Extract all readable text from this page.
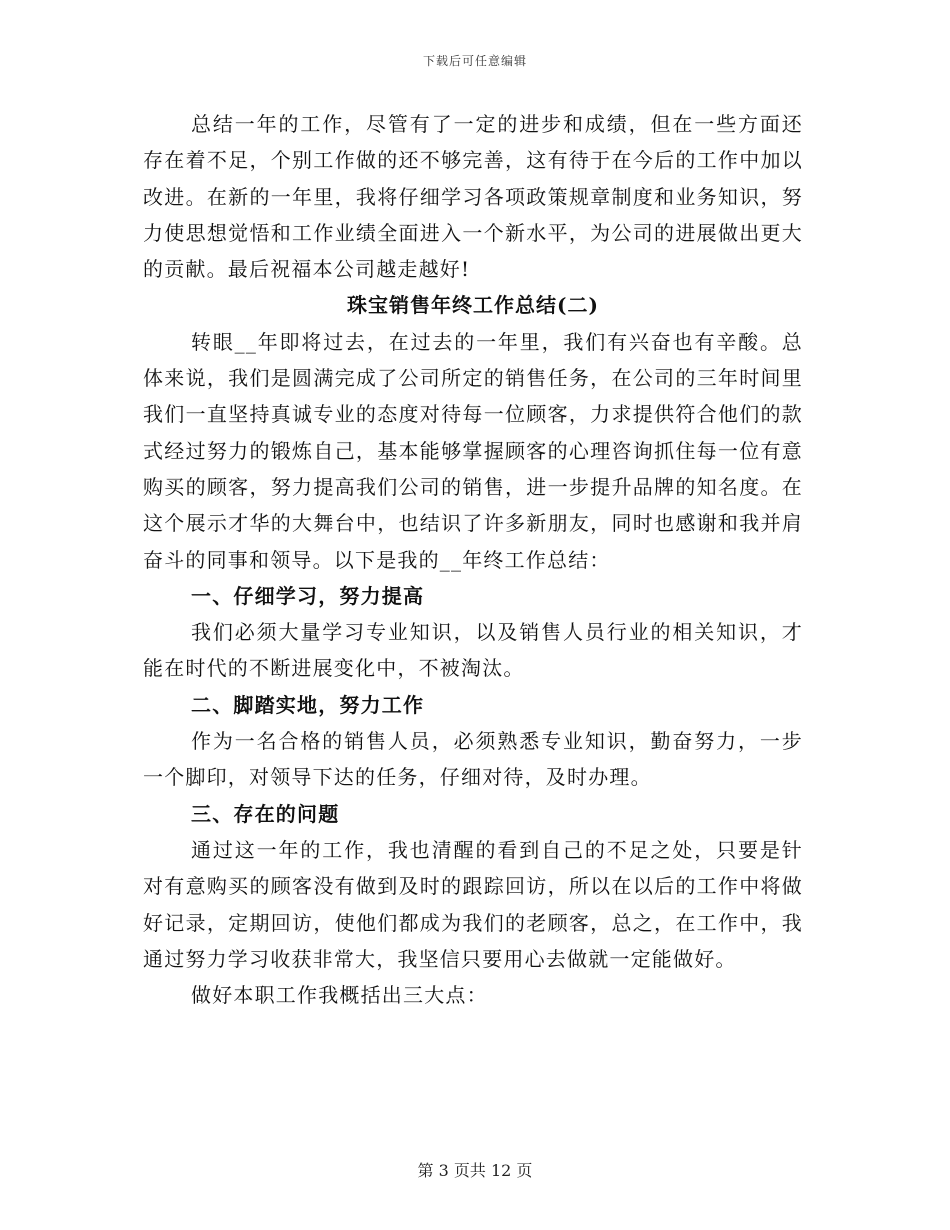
下载后可任意编辑

总结一年的工作，尽管有了一定的进步和成绩，但在一些方面还存在着不足，个别工作做的还不够完善，这有待于在今后的工作中加以改进。在新的一年里，我将仔细学习各项政策规章制度和业务知识，努力使思想觉悟和工作业绩全面进入一个新水平，为公司的进展做出更大的贡献。最后祝福本公司越走越好!

珠宝销售年终工作总结(二)

转眼__年即将过去，在过去的一年里，我们有兴奋也有辛酸。总体来说，我们是圆满完成了公司所定的销售任务，在公司的三年时间里我们一直坚持真诚专业的态度对待每一位顾客，力求提供符合他们的款式经过努力的锻炼自己，基本能够掌握顾客的心理咨询抓住每一位有意购买的顾客，努力提高我们公司的销售，进一步提升品牌的知名度。在这个展示才华的大舞台中，也结识了许多新朋友，同时也感谢和我并肩奋斗的同事和领导。以下是我的__年终工作总结：

一、仔细学习，努力提高

我们必须大量学习专业知识，以及销售人员行业的相关知识，才能在时代的不断进展变化中，不被淘汰。

二、脚踏实地，努力工作

作为一名合格的销售人员，必须熟悉专业知识，勤奋努力，一步一个脚印，对领导下达的任务，仔细对待，及时办理。

三、存在的问题

通过这一年的工作，我也清醒的看到自己的不足之处，只要是针对有意购买的顾客没有做到及时的跟踪回访，所以在以后的工作中将做好记录，定期回访，使他们都成为我们的老顾客，总之，在工作中，我通过努力学习收获非常大，我坚信只要用心去做就一定能做好。

做好本职工作我概括出三大点：

第 3 页共 12 页
